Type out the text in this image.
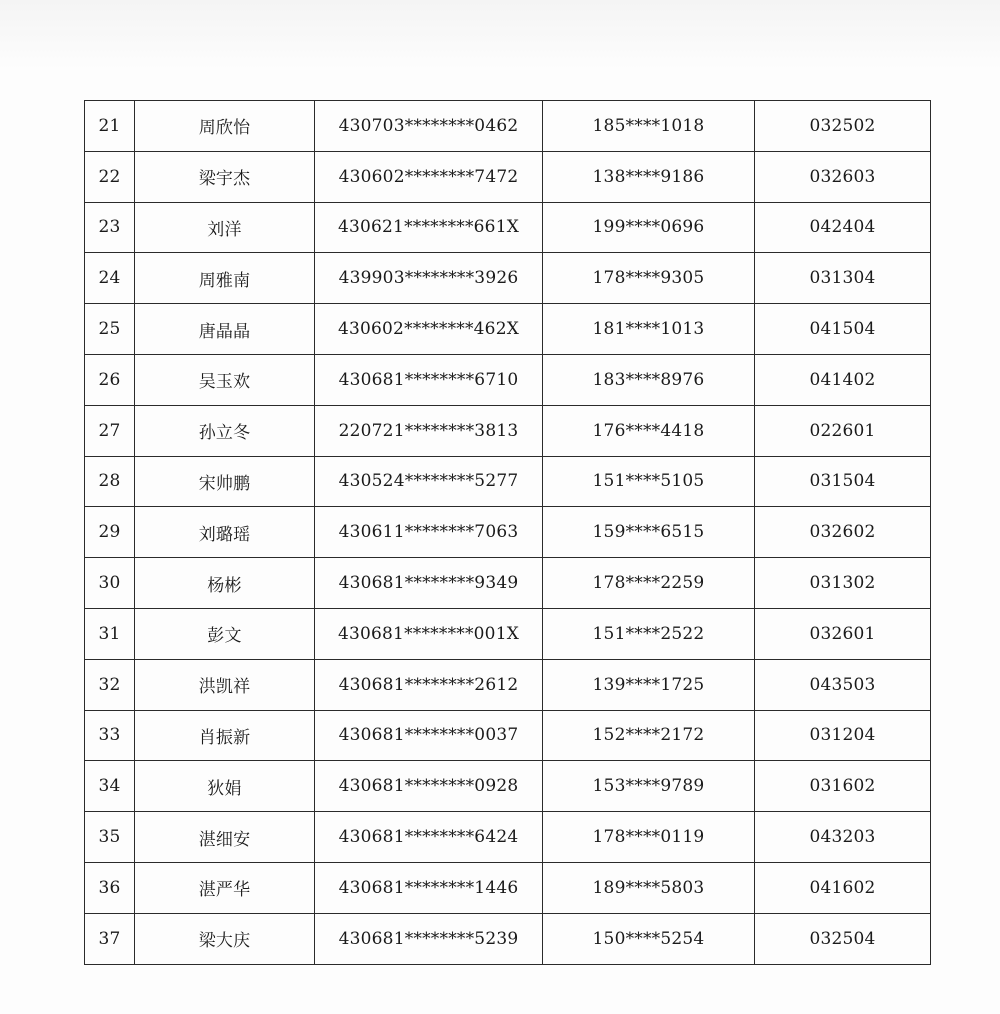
21	周欣怡	430703********0462	185****1018	032502
22	梁宇杰	430602********7472	138****9186	032603
23	刘洋	430621********661X	199****0696	042404
24	周雅南	439903********3926	178****9305	031304
25	唐晶晶	430602********462X	181****1013	041504
26	吴玉欢	430681********6710	183****8976	041402
27	孙立冬	220721********3813	176****4418	022601
28	宋帅鹏	430524********5277	151****5105	031504
29	刘璐瑶	430611********7063	159****6515	032602
30	杨彬	430681********9349	178****2259	031302
31	彭文	430681********001X	151****2522	032601
32	洪凯祥	430681********2612	139****1725	043503
33	肖振新	430681********0037	152****2172	031204
34	狄娟	430681********0928	153****9789	031602
35	湛细安	430681********6424	178****0119	043203
36	湛严华	430681********1446	189****5803	041602
37	梁大庆	430681********5239	150****5254	032504
